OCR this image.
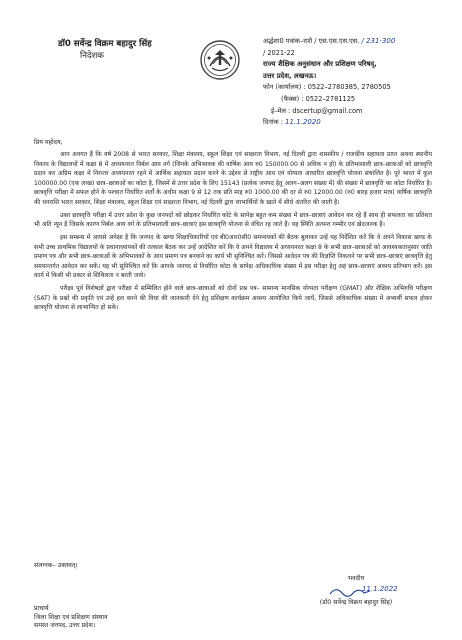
डॉ0 सर्वेन्द्र विक्रम बहादुर सिंह
निदेशक
अर्द्धशा0 पत्रांक–राशै / एस.एस.एस.एस. / 231-300
/ 2021-22
राज्य शैक्षिक अनुसंधान और प्रशिक्षण परिषद्,
उत्तर प्रदेश, लखनऊ।
फोन (कार्यालय) : 0522–2780385, 2780505
(फैक्स) : 0522–2781125
ई–मेल : dscertup@gmail.com
दिनांक : 11.1.2020
प्रिय महोदय,

आप अवगत हैं कि वर्ष 2008 से भारत सरकार, शिक्षा मंत्रालय, स्कूल शिक्षा एवं साक्षरता विभाग, नई दिल्ली द्वारा शासकीय / राजकीय सहायता प्राप्त अथवा स्थानीय निकाय के विद्यालयों में कक्षा 8 में अध्ययनरत निर्बल आय वर्ग (जिनके अभिभावक की वार्षिक आय रु0 150000.00 से अधिक न हो) के प्रतिभाशाली छात्र–छात्राओं को छात्रवृत्ति प्रदान कर अग्रिम कक्षा में निरन्तर अध्ययनरत रहने में आर्थिक सहायता प्रदान करने के उद्देश्य से राष्ट्रीय आय एवं योग्यता आधारित छात्रवृत्ति योजना संचालित है। पूरे भारत में कुल 100000.00 (एक लाख) छात्र–छात्राओं का कोटा है, जिसमें से उत्तर प्रदेश के लिए 15143 (प्रत्येक जनपद हेतु अलग–अलग संख्या में) की संख्या में छात्रवृत्ति का कोटा निर्धारित है। छात्रवृत्ति परीक्षा में सफल होने के पश्चात निर्धारित शर्तों के अधीन कक्षा 9 से 12 तक प्रति माह रु0 1000.00 की दर से रु0 12000.00 (रु0 बारह हजार मात्र) वार्षिक छात्रवृत्ति की धनराशि भारत सरकार, शिक्षा मंत्रालय, स्कूल शिक्षा एवं साक्षरता विभाग, नई दिल्ली द्वारा लाभार्थियों के खाते में सीधे अंतरित की जाती है।

उक्त छात्रवृत्ति परीक्षा में उत्तर प्रदेश के कुछ जनपदों को छोड़कर निर्धारित कोटे के सापेक्ष बहुत कम संख्या में छात्र–छात्राएं आवेदन कर रहे हैं साथ ही सफलता का प्रतिशत भी अति न्यून है जिसके कारण निर्बल आय वर्ग के प्रतिभाशाली छात्र–छात्राएं इस छात्रवृत्ति योजना से वंचित रह जाते हैं। यह स्थिति अत्यन्त गम्भीर एवं खेदजनक है।

इस सम्बन्ध में आपसे अपेक्षा है कि जनपद के खण्ड शिक्षाधिकारियों एवं बी0आर0सी0 समन्वयकों की बैठक बुलाकर उन्हें यह निर्देशित करें कि वे अपने विकास खण्ड के सभी उच्च प्राथमिक विद्यालयों के प्रधानाध्यापकों की तत्काल बैठक कर उन्हें आदेशित करें कि वे अपने विद्यालय में अध्ययनरत कक्षा 8 के सभी छात्र–छात्राओं को आवश्यकतानुसार जाति प्रमाण पत्र और सभी छात्र–छात्राओं के अभिभावकों के आय प्रमाण पत्र बनवाने का कार्य भी सुनिश्चित करें। जिससे आवेदन पत्र की विज्ञप्ति निकलने पर सभी छात्र–छात्राएं छात्रवृत्ति हेतु समयान्तर्गत आवेदन कर सकें। यह भी सुनिश्चित करें कि आपके जनपद से निर्धारित कोटा के सापेक्ष अधिकाधिक संख्या में इस परीक्षा हेतु अहं छात्र–छात्राएं अवश्य प्रतिभाग करें। इस कार्य में किसी भी प्रकार से शिथिलता न बरती जाये।

परीक्षा पूर्व विशेषज्ञों द्वारा परीक्षा में सम्मिलित होने वाले छात्र–छात्राओं को दोनों प्रश्न पत्र– सामान्य मानसिक योग्यता परीक्षण (GMAT) और शैक्षिक अभिरुचि परीक्षण (SAT) के प्रश्नों की प्रकृति एवं उन्हें हल करने की विधा की जानकारी देने हेतु प्रशिक्षण कार्यक्रम अवश्य आयोजित किये जायें, जिससे अधिकाधिक संख्या में अभ्यर्थी सफल होकर छात्रवृत्ति योजना से लाभान्वित हो सकें।

संलग्नक– उक्तवत्।
भवदीय
11.1.2022
(डॉ0 सर्वेन्द्र विक्रम बहादुर सिंह)
प्राचार्य
जिला शिक्षा एवं प्रशिक्षण संस्थान
समस्त जनपद, उत्तर प्रदेश।
